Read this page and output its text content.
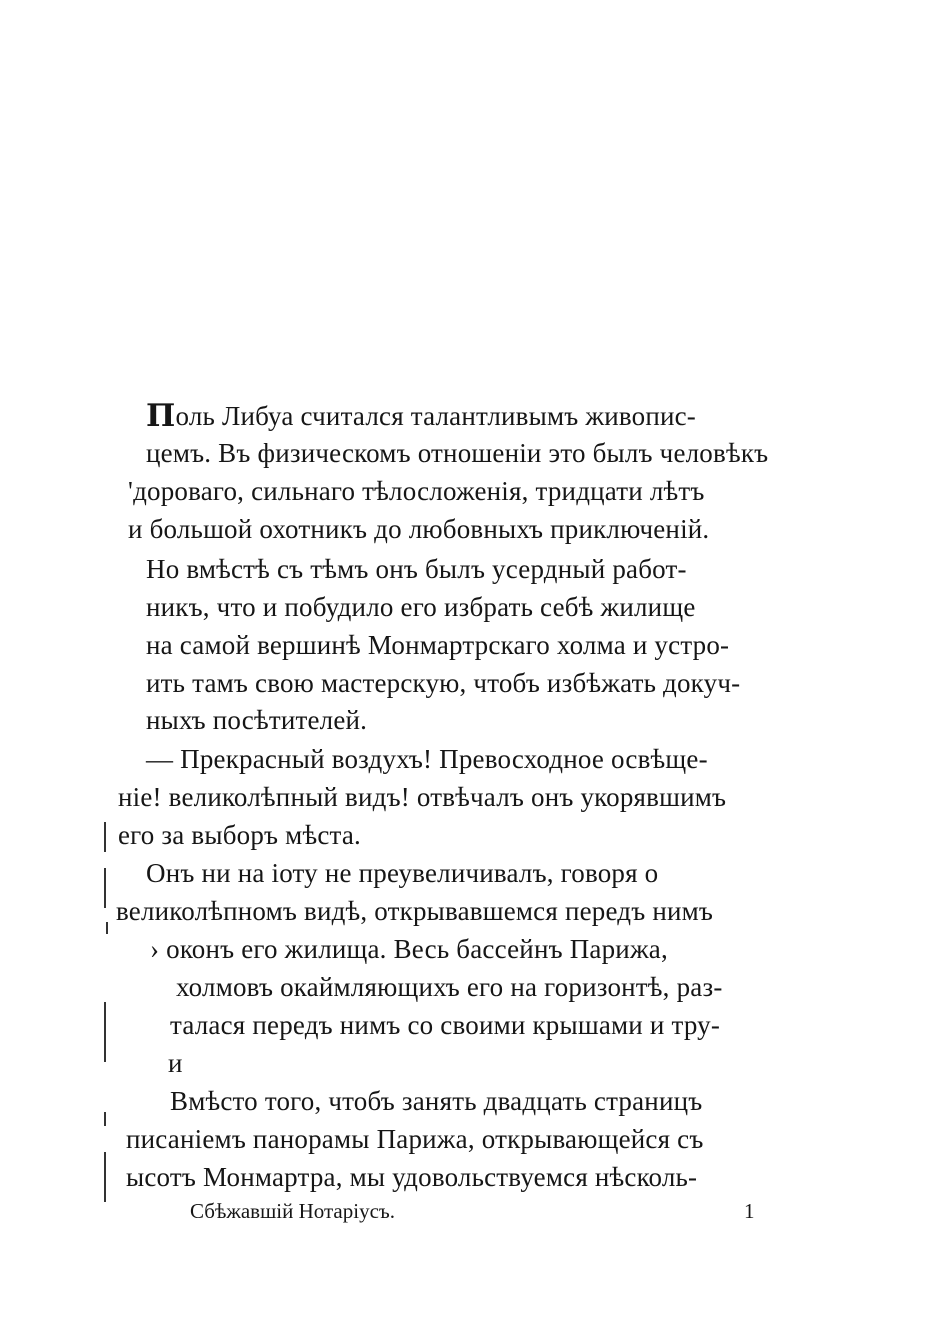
Поль Либуа считался талантливымъ живопис-
цемъ. Въ физическомъ отношенiи это былъ человѣкъ
'дороваго, сильнаго тѣлосложенiя, тридцати лѣтъ
и большой охотникъ до любовныхъ приключенiй.
Но вмѣстѣ съ тѣмъ онъ былъ усердный работ-
никъ, что и побудило его избрать себѣ жилище
на самой вершинѣ Монмартрскаго холма и устро-
ить тамъ свою мастерскую, чтобъ избѣжать докуч-
ныхъ посѣтителей.
— Прекрасный воздухъ! Превосходное освѣще-
нiе! великолѣпный видъ! отвѣчалъ онъ укорявшимъ
его за выборъ мѣста.
Онъ ни на iоту не преувеличивалъ, говоря о
великолѣпномъ видѣ, открывавшемся передъ нимъ
› оконъ его жилища. Весь бассейнъ Парижа,
холмовъ окаймляющихъ его на горизонтѣ, раз-
талася передъ нимъ со своими крышами и тру-
и
Вмѣсто того, чтобъ занять двадцать страницъ
писанiемъ панорамы Парижа, открывающейся съ
ысотъ Монмартра, мы удовольствуемся нѣсколь-
Сбѣжавшiй Нотарiусъ.	1
